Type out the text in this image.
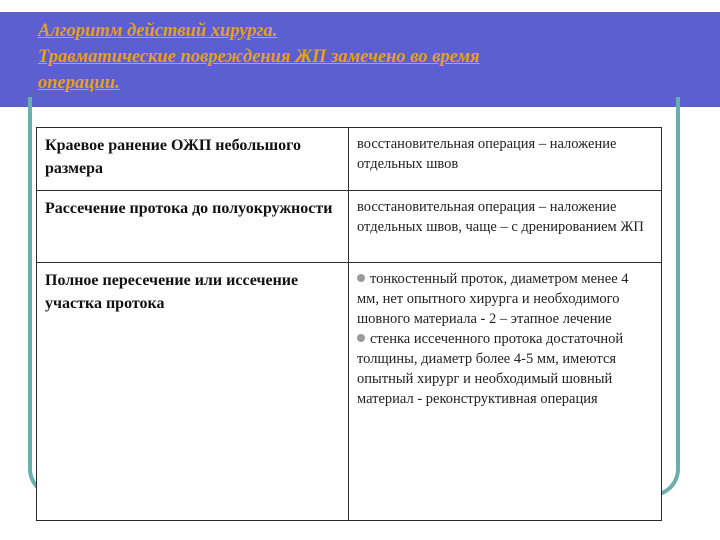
Алгоритм действий хирурга.
Травматические повреждения ЖП замечено во время
операции.
Краевое ранение ОЖП небольшого размера	восстановительная операция – наложение отдельных швов
Рассечение протока до полуокружности	восстановительная операция – наложение отдельных швов, чаще – с дренированием ЖП
Полное пересечение или иссечение участка протока	тонкостенный проток, диаметром менее 4 мм, нет опытного хирурга и необходимого шовного материала - 2 – этапное лечение
стенка иссеченного протока достаточной толщины, диаметр более 4-5 мм, имеются опытный хирург и необходимый шовный материал - реконструктивная операция
